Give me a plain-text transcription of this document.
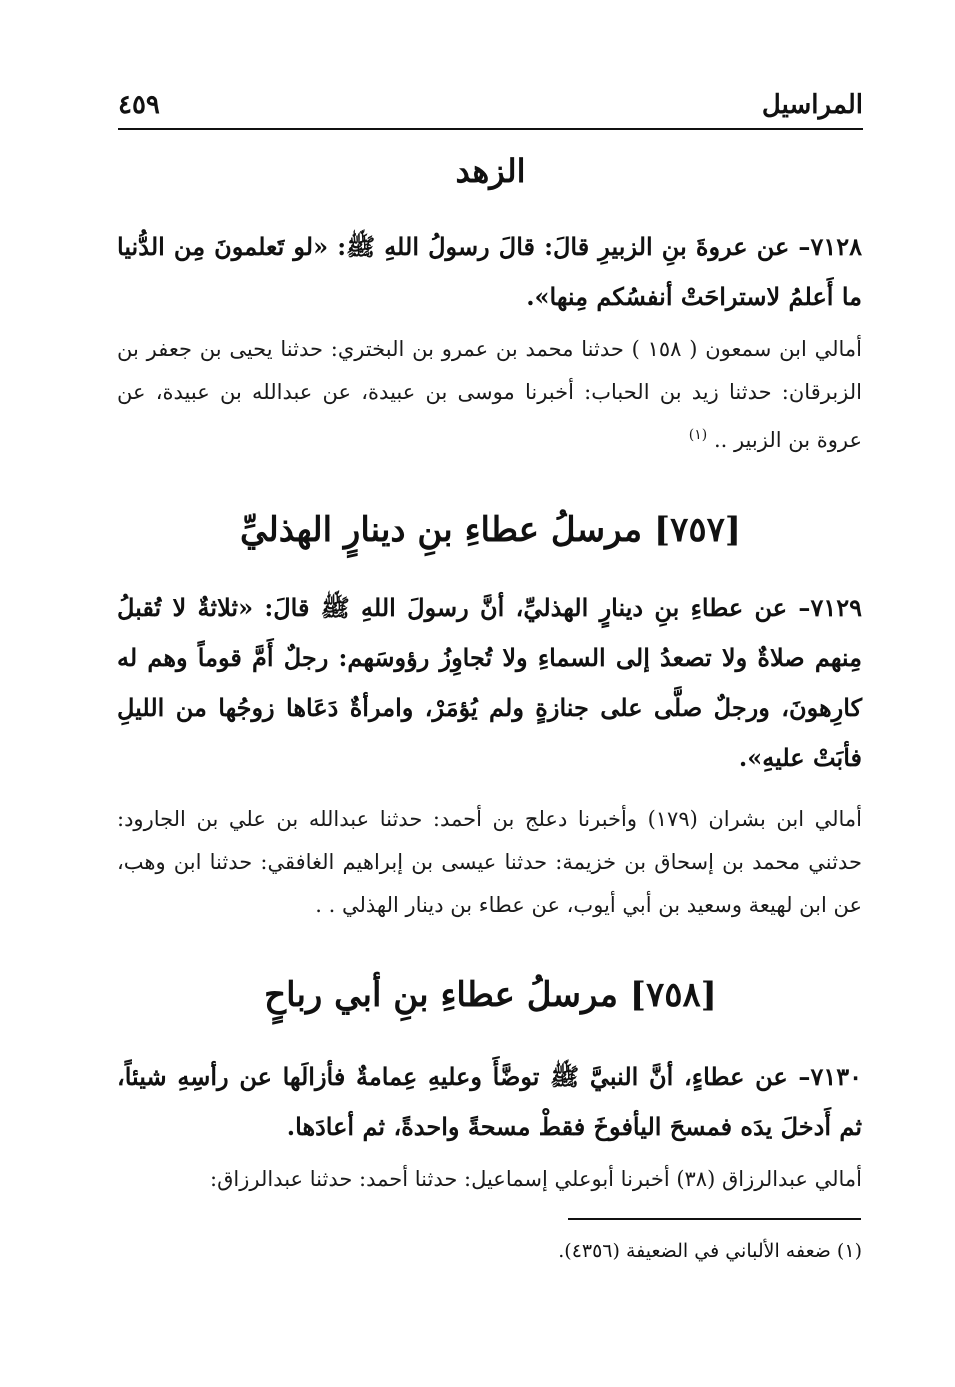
المراسيل
٤٥٩
الزهد
٧١٢٨– عن عروةَ بنِ الزبيرِ قالَ: قالَ رسولُ اللهِ ﷺ: «لو تَعلمونَ مِن الدُّنيا ما أَعلمُ لاستراحَتْ أنفسُكم مِنها».
أمالي ابن سمعون ( ١٥٨ ) حدثنا محمد بن عمرو بن البختري: حدثنا يحيى بن جعفر بن الزبرقان: حدثنا زيد بن الحباب: أخبرنا موسى بن عبيدة، عن عبدالله بن عبيدة، عن عروة بن الزبير .. $^{(١)}$
[٧٥٧] مرسلُ عطاءِ بنِ دينارٍ الهذليِّ
٧١٢٩– عن عطاءِ بنِ دينارٍ الهذليِّ، أنَّ رسولَ اللهِ ﷺ قالَ: «ثلاثةٌ لا تُقبلُ مِنهم صلاةٌ ولا تصعدُ إلى السماءِ ولا تُجاوِزُ رؤوسَهم: رجلٌ أَمَّ قوماً وهم له كارِهونَ، ورجلٌ صلَّى على جنازةٍ ولم يُؤمَرْ، وامرأةٌ دَعَاها زوجُها من الليلِ فأبَتْ عليهِ».
أمالي ابن بشران (١٧٩) وأخبرنا دعلج بن أحمد: حدثنا عبدالله بن علي بن الجارود: حدثني محمد بن إسحاق بن خزيمة: حدثنا عيسى بن إبراهيم الغافقي: حدثنا ابن وهب، عن ابن لهيعة وسعيد بن أبي أيوب، عن عطاء بن دينار الهذلي . .
[٧٥٨] مرسلُ عطاءِ بنِ أبي رباحٍ
٧١٣٠– عن عطاءٍ، أنَّ النبيَّ ﷺ توضَّأَ وعليهِ عِمامةٌ فأزالَها عن رأسِهِ شيئاً، ثم أَدخلَ يدَه فمسحَ اليأفوخَ فقطْ مسحةً واحدةً، ثم أعادَها.
أمالي عبدالرزاق (٣٨) أخبرنا أبوعلي إسماعيل: حدثنا أحمد: حدثنا عبدالرزاق:
(١) ضعفه الألباني في الضعيفة (٤٣٥٦).
